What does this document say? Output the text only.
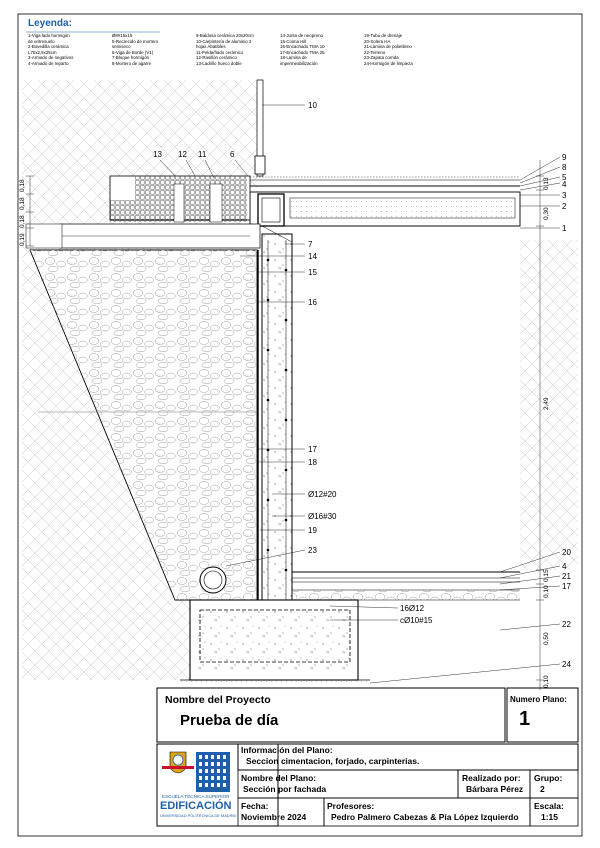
13 12 11	6
10
9
8
5
4
3
2
1
7
14
15
16
17
18
Ø12#20
Ø16#30
19
23	20
4
21
17
22
24
16Ø12
cØ10#15
0,18
0,18
0,18
0,19
0,13
0,30
2,49
0,15
0,10
0,50
0,10
Leyenda:
1-Viga lado hormigón
de entresuelo
2-Bovedilla cerámica
L70x2,5x25cm
3-Armado de negativos
4-Armado de reparto
Ø8#15x15
5-Recrecido de mortero
semiseco
6-Viga de Borde (V1)
7-Bloque hormigón
8-Mortero de agarre
9-Baldosa cerámica 20x20cm
10-Carpintería de aluminio 2
hojas Abatibles
11-Pelda/ñado cerámico
12-Rasillón cerámico
13-Ladrillo hueco doble
14-Junta de neopreno
15-Coima Hill
16-Encachado TMA 10
17-Encachado TMA 25
18-Lamina de
impermeabilización
19-Tubo de drenaje
20-Solera HA
21-Lamina de polietileno
22-Terreno
23-Zapata corrida
24-Hormigón de limpieza
ESCUELA TÉCNICA SUPERIOR
EDIFICACIÓN
UNIVERSIDAD POLITÉCNICA DE MADRID
Nombre del Proyecto
Prueba de día
Numero Plano:
1
Información del Plano:
Seccion cimentacion, forjado, carpinterias.
Nombre del Plano:
Sección por fachada
Realizado por:
Bárbara Pérez
Grupo:
2
Fecha:
Noviembre 2024
Profesores:
Pedro Palmero Cabezas & Pía López Izquierdo
Escala:
1:15
